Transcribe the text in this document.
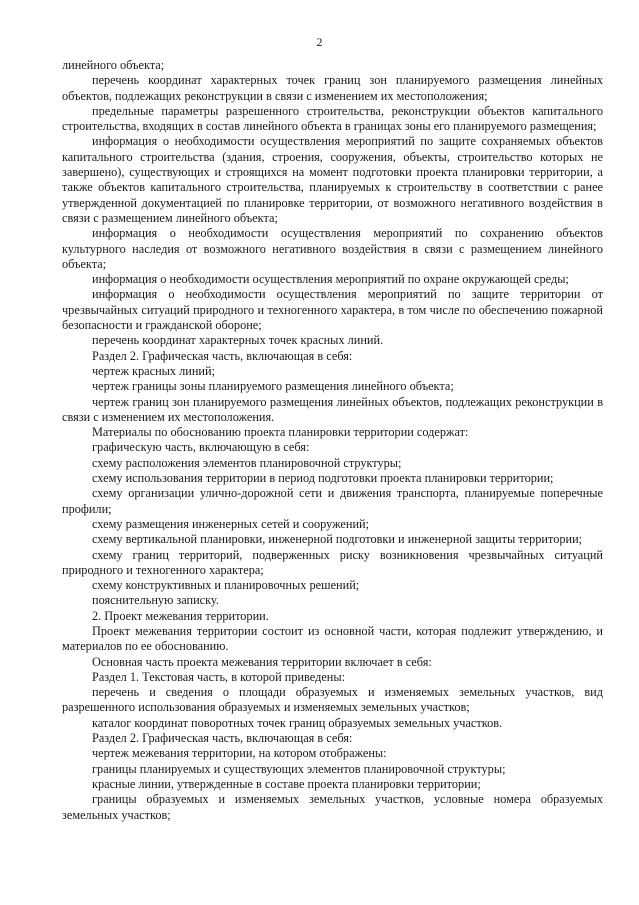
2

линейного объекта;

перечень координат характерных точек границ зон планируемого размещения линейных объектов, подлежащих реконструкции в связи с изменением их местоположения;

предельные параметры разрешенного строительства, реконструкции объектов капитального строительства, входящих в состав линейного объекта в границах зоны его планируемого размещения;

информация о необходимости осуществления мероприятий по защите сохраняемых объектов капитального строительства (здания, строения, сооружения, объекты, строительство которых не завершено), существующих и строящихся на момент подготовки проекта планировки территории, а также объектов капитального строительства, планируемых к строительству в соответствии с ранее утвержденной документацией по планировке территории, от возможного негативного воздействия в связи с размещением линейного объекта;

информация о необходимости осуществления мероприятий по сохранению объектов культурного наследия от возможного негативного воздействия в связи с размещением линейного объекта;

информация о необходимости осуществления мероприятий по охране окружающей среды;

информация о необходимости осуществления мероприятий по защите территории от чрезвычайных ситуаций природного и техногенного характера, в том числе по обеспечению пожарной безопасности и гражданской обороне;

перечень координат характерных точек красных линий.

Раздел 2. Графическая часть, включающая в себя:

чертеж красных линий;

чертеж границы зоны планируемого размещения линейного объекта;

чертеж границ зон планируемого размещения линейных объектов, подлежащих реконструкции в связи с изменением их местоположения.

Материалы по обоснованию проекта планировки территории содержат:

графическую часть, включающую в себя:

схему расположения элементов планировочной структуры;

схему использования территории в период подготовки проекта планировки территории;

схему организации улично-дорожной сети и движения транспорта, планируемые поперечные профили;

схему размещения инженерных сетей и сооружений;

схему вертикальной планировки, инженерной подготовки и инженерной защиты территории;

схему границ территорий, подверженных риску возникновения чрезвычайных ситуаций природного и техногенного характера;

схему конструктивных и планировочных решений;

пояснительную записку.

2. Проект межевания территории.

Проект межевания территории состоит из основной части, которая подлежит утверждению, и материалов по ее обоснованию.

Основная часть проекта межевания территории включает в себя:

Раздел 1. Текстовая часть, в которой приведены:

перечень и сведения о площади образуемых и изменяемых земельных участков, вид разрешенного использования образуемых и изменяемых земельных участков;

каталог координат поворотных точек границ образуемых земельных участков.

Раздел 2. Графическая часть, включающая в себя:

чертеж межевания территории, на котором отображены:

границы планируемых и существующих элементов планировочной структуры;

красные линии, утвержденные в составе проекта планировки территории;

границы образуемых и изменяемых земельных участков, условные номера образуемых земельных участков;
